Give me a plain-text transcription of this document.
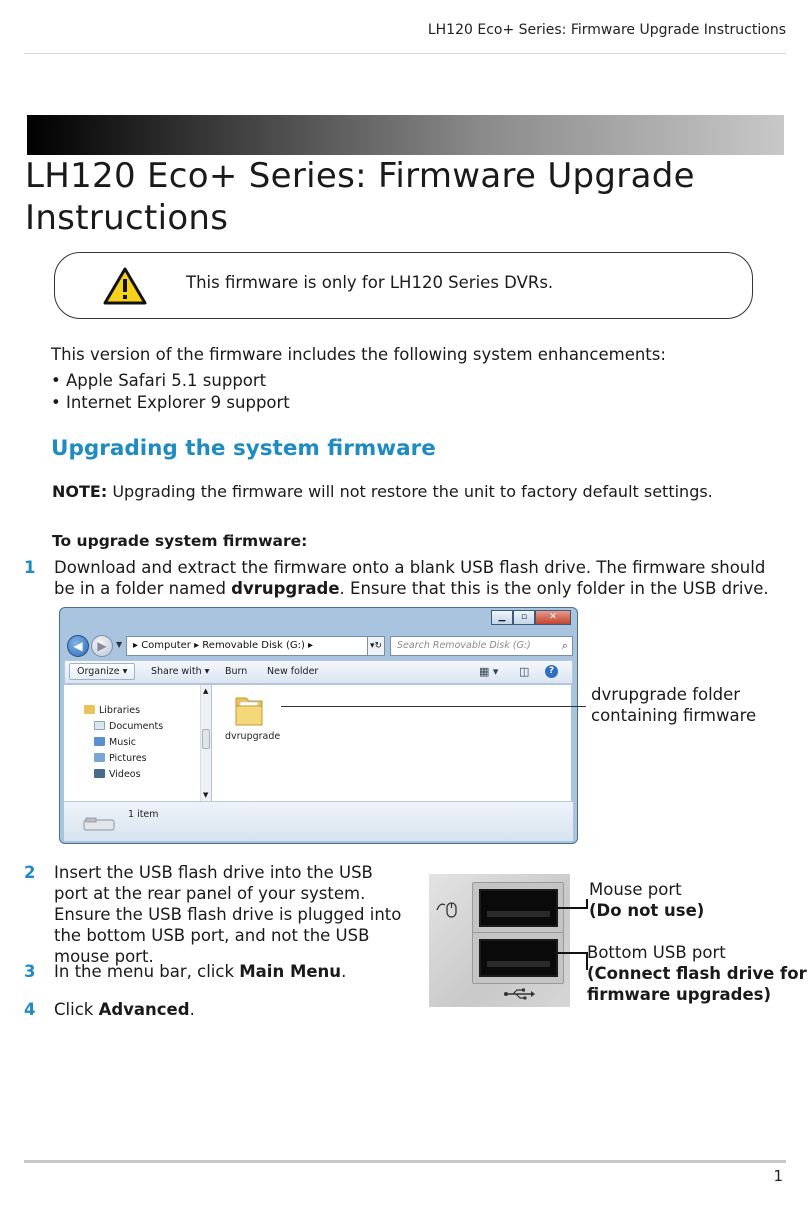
LH120 Eco+ Series: Firmware Upgrade Instructions
LH120 Eco+ Series: Firmware Upgrade Instructions
This firmware is only for LH120 Series DVRs.

This version of the firmware includes the following system enhancements:

• Apple Safari 5.1 support
• Internet Explorer 9 support
Upgrading the system firmware

NOTE: Upgrading the firmware will not restore the unit to factory default settings.

To upgrade system firmware:

1 Download and extract the firmware onto a blank USB flash drive. The firmware should be in a folder named dvrupgrade. Ensure that this is the only folder in the USB drive.
▁	▫	✕
◀	▶	▼	▸ Computer ▸ Removable Disk (G:) ▸	▾↻	Search Removable Disk (G:)	⌕
Organize ▾	Share with ▾ Burn New folder	▦ ▾ ◫	?
Libraries
Documents
Music
Pictures
Videos
▲
▼
dvrupgrade
1 item
dvrupgrade folder
containing firmware
2 Insert the USB flash drive into the USB port at the rear panel of your system. Ensure the USB flash drive is plugged into the bottom USB port, and not the USB mouse port.
Mouse port
(Do not use)
Bottom USB port
(Connect flash drive for
firmware upgrades)
3 In the menu bar, click Main Menu.
4 Click Advanced.
1
